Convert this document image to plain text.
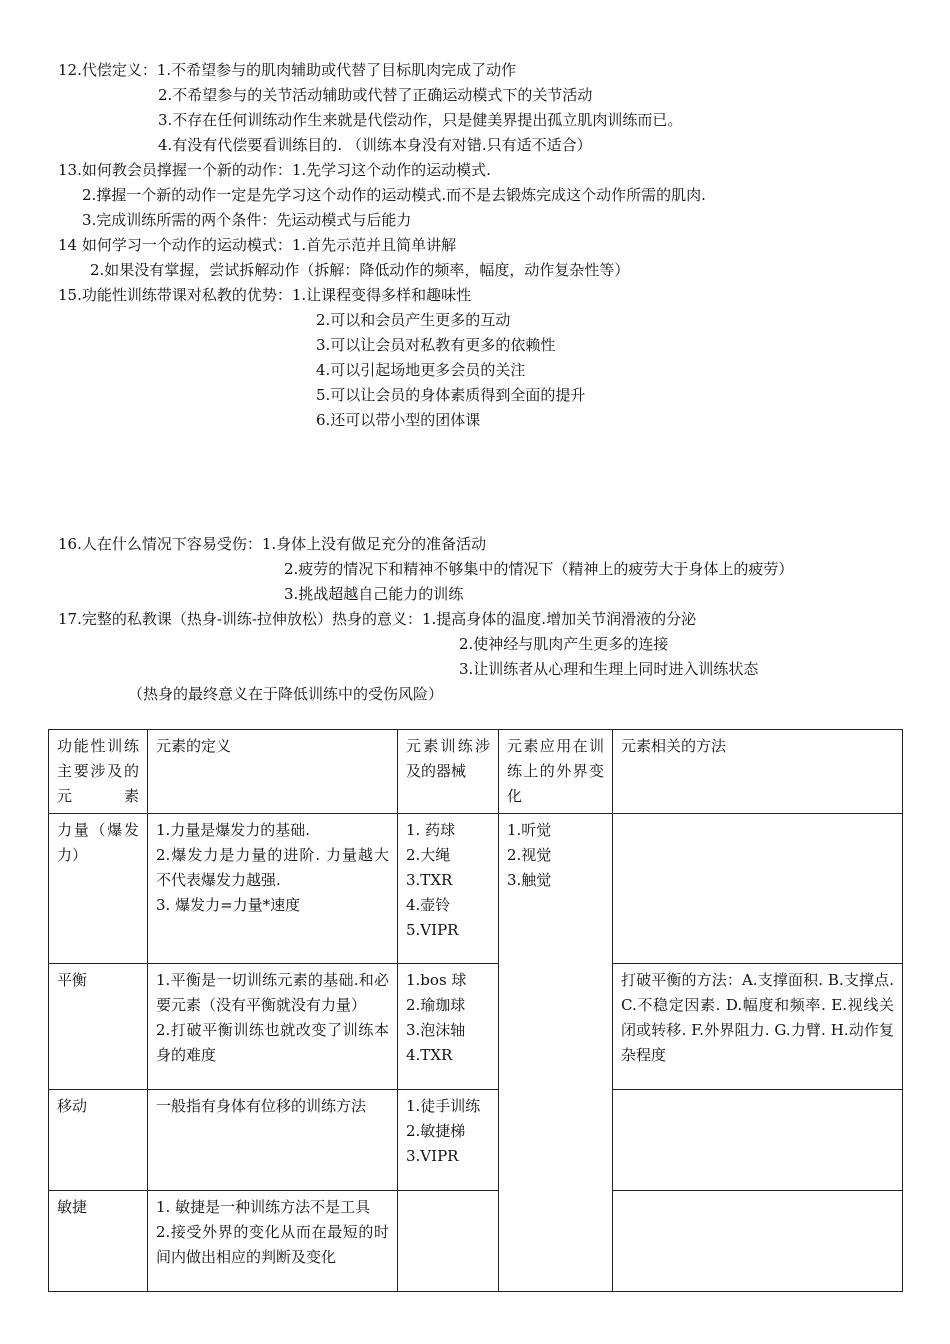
12.代偿定义：1.不希望参与的肌肉辅助或代替了目标肌肉完成了动作
2.不希望参与的关节活动辅助或代替了正确运动模式下的关节活动
3.不存在任何训练动作生来就是代偿动作，只是健美界提出孤立肌肉训练而已。
4.有没有代偿要看训练目的. （训练本身没有对错.只有适不适合）
13.如何教会员撑握一个新的动作：1.先学习这个动作的运动模式.
2.撑握一个新的动作一定是先学习这个动作的运动模式.而不是去锻炼完成这个动作所需的肌肉.
3.完成训练所需的两个条件：先运动模式与后能力
14 如何学习一个动作的运动模式：1.首先示范并且简单讲解
2.如果没有掌握，尝试拆解动作（拆解：降低动作的频率，幅度，动作复杂性等）
15.功能性训练带课对私教的优势：1.让课程变得多样和趣味性
2.可以和会员产生更多的互动
3.可以让会员对私教有更多的依赖性
4.可以引起场地更多会员的关注
5.可以让会员的身体素质得到全面的提升
6.还可以带小型的团体课
16.人在什么情况下容易受伤：1.身体上没有做足充分的准备活动
2.疲劳的情况下和精神不够集中的情况下（精神上的疲劳大于身体上的疲劳）
3.挑战超越自己能力的训练
17.完整的私教课（热身-训练-拉伸放松）热身的意义：1.提高身体的温度.增加关节润滑液的分泌
2.使神经与肌肉产生更多的连接
3.让训练者从心理和生理上同时进入训练状态
（热身的最终意义在于降低训练中的受伤风险）
功能性训练主要涉及的元素	元素的定义	元素训练涉及的器械	元素应用在训练上的外界变化	元素相关的方法
力量（爆发力）	1.力量是爆发力的基础.
2.爆发力是力量的进阶. 力量越大不代表爆发力越强.
3. 爆发力=力量*速度	1. 药球
2.大绳
3.TXR
4.壶铃
5.VIPR	1.听觉
2.视觉
3.触觉	

平衡	1.平衡是一切训练元素的基础.和必要元素（没有平衡就没有力量）
2.打破平衡训练也就改变了训练本身的难度	1.bos 球
2.瑜珈球
3.泡沫轴
4.TXR		打破平衡的方法：A.支撑面积. B.支撑点. C.不稳定因素. D.幅度和频率. E.视线关闭或转移. F.外界阻力. G.力臂. H.动作复杂程度
移动	一般指有身体有位移的训练方法	1.徒手训练
2.敏捷梯
3.VIPR		

敏捷	1. 敏捷是一种训练方法不是工具
2.接受外界的变化从而在最短的时间内做出相应的判断及变化			
